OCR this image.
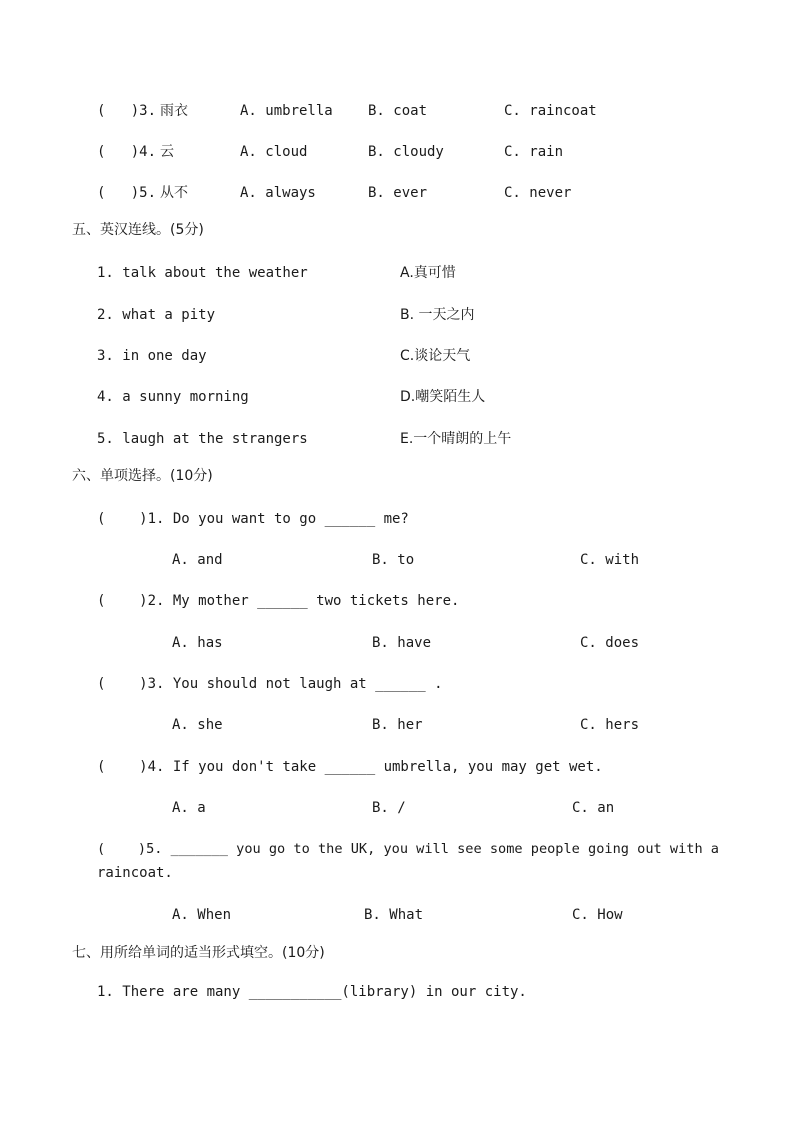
(   )3. 雨衣	A. umbrella	B. coat	C. raincoat
(   )4. 云	A. cloud	B. cloudy	C. rain
(   )5. 从不	A. always	B. ever	C. never
五、英汉连线。(5分)
1. talk about the weather	A.真可惜
2. what a pity	B. 一天之内
3. in one day	C.谈论天气
4. a sunny morning	D.嘲笑陌生人
5. laugh at the strangers	E.一个晴朗的上午
六、单项选择。(10分)
(    )1. Do you want to go ______ me?
A. and	B. to	C. with
(    )2. My mother ______ two tickets here.
A. has	B. have	C. does
(    )3. You should not laugh at ______ .
A. she	B. her	C. hers
(    )4. If you don't take ______ umbrella, you may get wet.
A. a	B. /	C. an
(    )5. _______ you go to the UK, you will see some people going out with a
raincoat.
A. When	B. What	C. How
七、用所给单词的适当形式填空。(10分)
1. There are many ___________(library) in our city.
